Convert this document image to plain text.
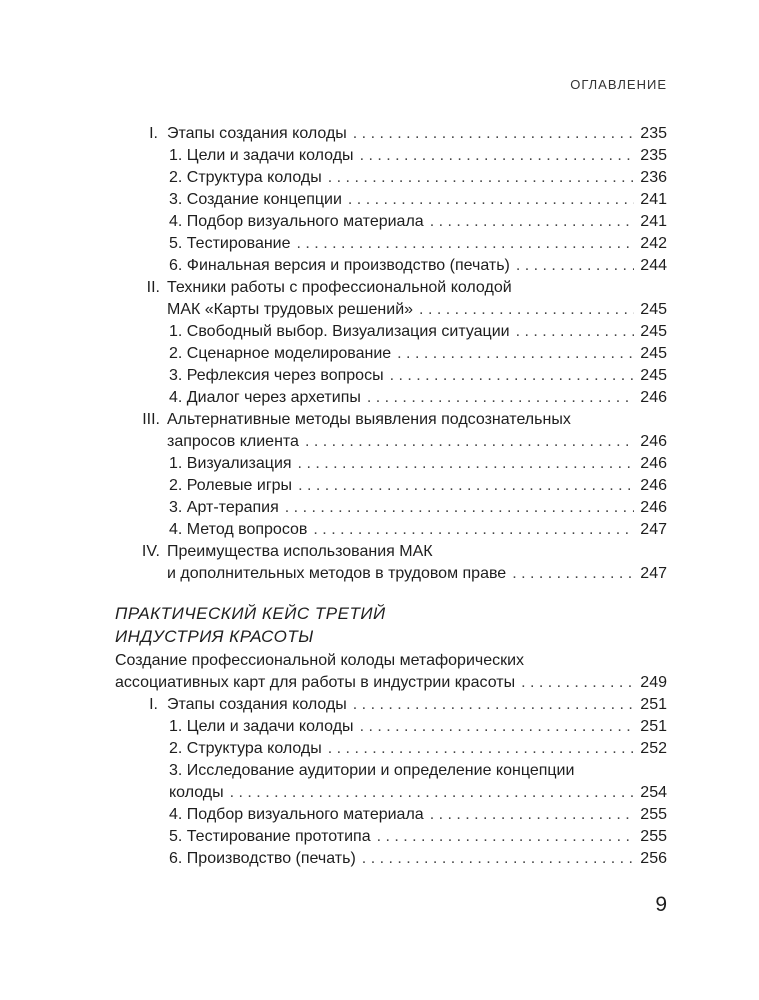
ОГЛАВЛЕНИЕ
I. Этапы создания колоды . . .	235
1. Цели и задачи колоды . . .	235
2. Структура колоды . . .	236
3. Создание концепции . . .	241
4. Подбор визуального материала . . .	241
5. Тестирование . . .	242
6. Финальная версия и производство (печать) . . .	244
II. Техники работы с профессиональной колодой
МАК «Карты трудовых решений» . . .	245
1. Свободный выбор. Визуализация ситуации . . .	245
2. Сценарное моделирование . . .	245
3. Рефлексия через вопросы . . .	245
4. Диалог через архетипы . . .	246
III. Альтернативные методы выявления подсознательных
запросов клиента . . .	246
1. Визуализация . . .	246
2. Ролевые игры . . .	246
3. Арт-терапия . . .	246
4. Метод вопросов . . .	247
IV. Преимущества использования МАК
и дополнительных методов в трудовом праве . . .	247
ПРАКТИЧЕСКИЙ КЕЙС ТРЕТИЙ
ИНДУСТРИЯ КРАСОТЫ
Создание профессиональной колоды метафорических
ассоциативных карт для работы в индустрии красоты . . .	249
I. Этапы создания колоды . . .	251
1. Цели и задачи колоды . . .	251
2. Структура колоды . . .	252
3. Исследование аудитории и определение концепции
колоды . . .	254
4. Подбор визуального материала . . .	255
5. Тестирование прототипа . . .	255
6. Производство (печать) . . .	256
9
